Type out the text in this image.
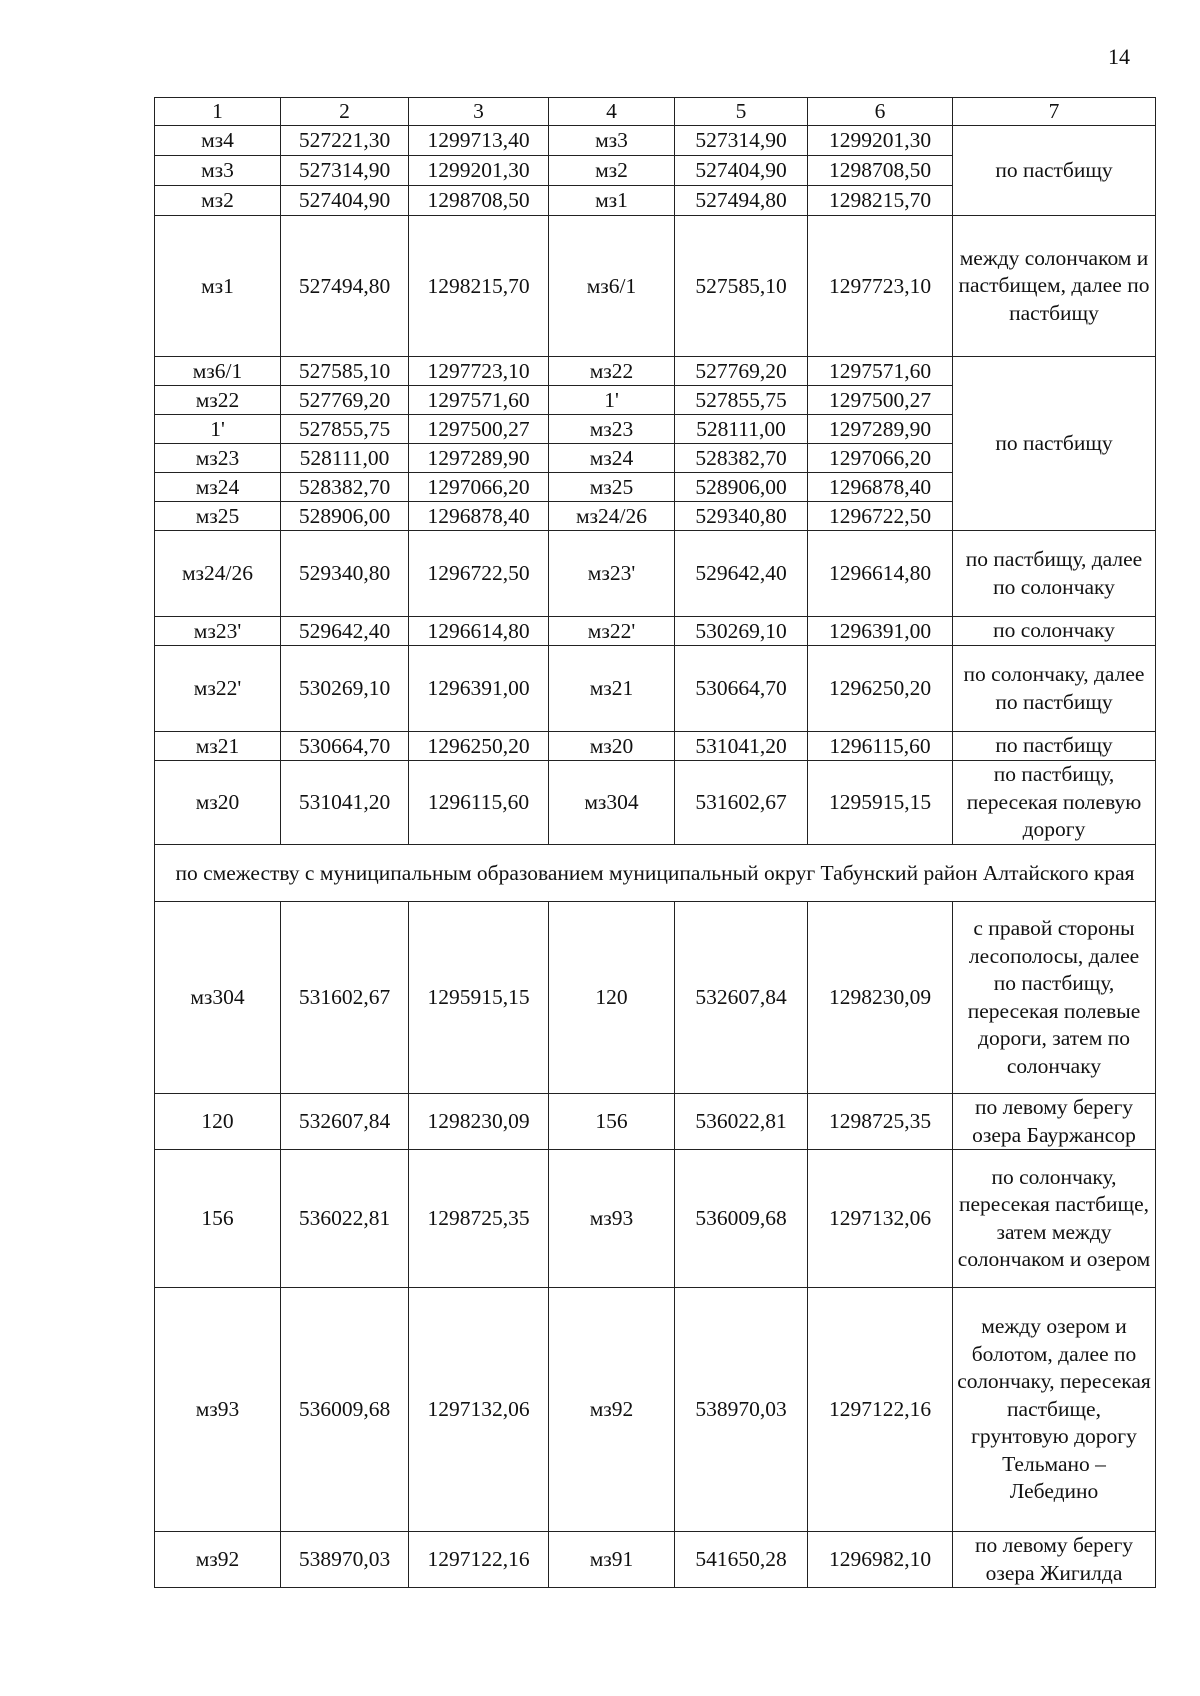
14
1	2	3	4	5	6	7
мз4	527221,30	1299713,40	мз3	527314,90	1299201,30	по пастбищу
мз3	527314,90	1299201,30	мз2	527404,90	1298708,50	
мз2	527404,90	1298708,50	мз1	527494,80	1298215,70	
мз1	527494,80	1298215,70	мз6/1	527585,10	1297723,10	между солончаком и пастбищем, далее по пастбищу
мз6/1	527585,10	1297723,10	мз22	527769,20	1297571,60	по пастбищу
мз22	527769,20	1297571,60	1'	527855,75	1297500,27	
1'	527855,75	1297500,27	мз23	528111,00	1297289,90	
мз23	528111,00	1297289,90	мз24	528382,70	1297066,20	
мз24	528382,70	1297066,20	мз25	528906,00	1296878,40	
мз25	528906,00	1296878,40	мз24/26	529340,80	1296722,50	
мз24/26	529340,80	1296722,50	мз23'	529642,40	1296614,80	по пастбищу, далее по солончаку
мз23'	529642,40	1296614,80	мз22'	530269,10	1296391,00	по солончаку
мз22'	530269,10	1296391,00	мз21	530664,70	1296250,20	по солончаку, далее по пастбищу
мз21	530664,70	1296250,20	мз20	531041,20	1296115,60	по пастбищу
мз20	531041,20	1296115,60	мз304	531602,67	1295915,15	по пастбищу, пересекая полевую дорогу
по смежеству с муниципальным образованием муниципальный округ Табунский район Алтайского края						
мз304	531602,67	1295915,15	120	532607,84	1298230,09	с правой стороны лесополосы, далее по пастбищу, пересекая полевые дороги, затем по солончаку
120	532607,84	1298230,09	156	536022,81	1298725,35	по левому берегу озера Бауржансор
156	536022,81	1298725,35	мз93	536009,68	1297132,06	по солончаку, пересекая пастбище, затем между солончаком и озером
мз93	536009,68	1297132,06	мз92	538970,03	1297122,16	между озером и болотом, далее по солончаку, пересекая пастбище, грунтовую дорогу Тельмано – Лебедино
мз92	538970,03	1297122,16	мз91	541650,28	1296982,10	по левому берегу озера Жигилда
